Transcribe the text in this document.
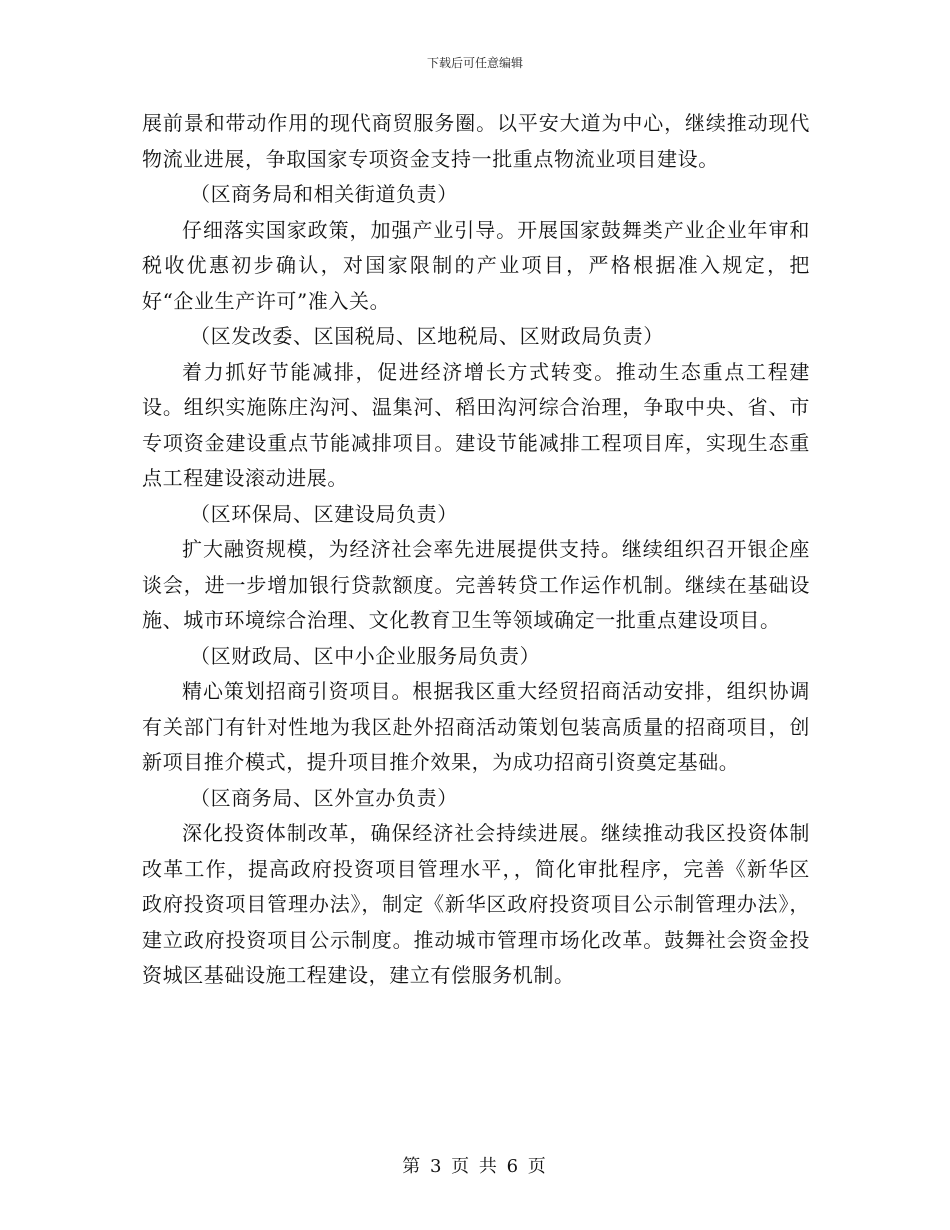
下载后可任意编辑

展前景和带动作用的现代商贸服务圈。以平安大道为中心，继续推动现代物流业进展，争取国家专项资金支持一批重点物流业项目建设。

（区商务局和相关街道负责）

仔细落实国家政策，加强产业引导。开展国家鼓舞类产业企业年审和税收优惠初步确认，对国家限制的产业项目，严格根据准入规定，把好“企业生产许可”准入关。

（区发改委、区国税局、区地税局、区财政局负责）

着力抓好节能减排，促进经济增长方式转变。推动生态重点工程建设。组织实施陈庄沟河、温集河、稻田沟河综合治理，争取中央、省、市专项资金建设重点节能减排项目。建设节能减排工程项目库，实现生态重点工程建设滚动进展。

（区环保局、区建设局负责）

扩大融资规模，为经济社会率先进展提供支持。继续组织召开银企座谈会，进一步增加银行贷款额度。完善转贷工作运作机制。继续在基础设施、城市环境综合治理、文化教育卫生等领域确定一批重点建设项目。

（区财政局、区中小企业服务局负责）

精心策划招商引资项目。根据我区重大经贸招商活动安排，组织协调有关部门有针对性地为我区赴外招商活动策划包装高质量的招商项目，创新项目推介模式，提升项目推介效果，为成功招商引资奠定基础。

（区商务局、区外宣办负责）

深化投资体制改革，确保经济社会持续进展。继续推动我区投资体制改革工作，提高政府投资项目管理水平，，简化审批程序，完善《新华区政府投资项目管理办法》，制定《新华区政府投资项目公示制管理办法》，建立政府投资项目公示制度。推动城市管理市场化改革。鼓舞社会资金投资城区基础设施工程建设，建立有偿服务机制。

第 3 页 共 6 页
